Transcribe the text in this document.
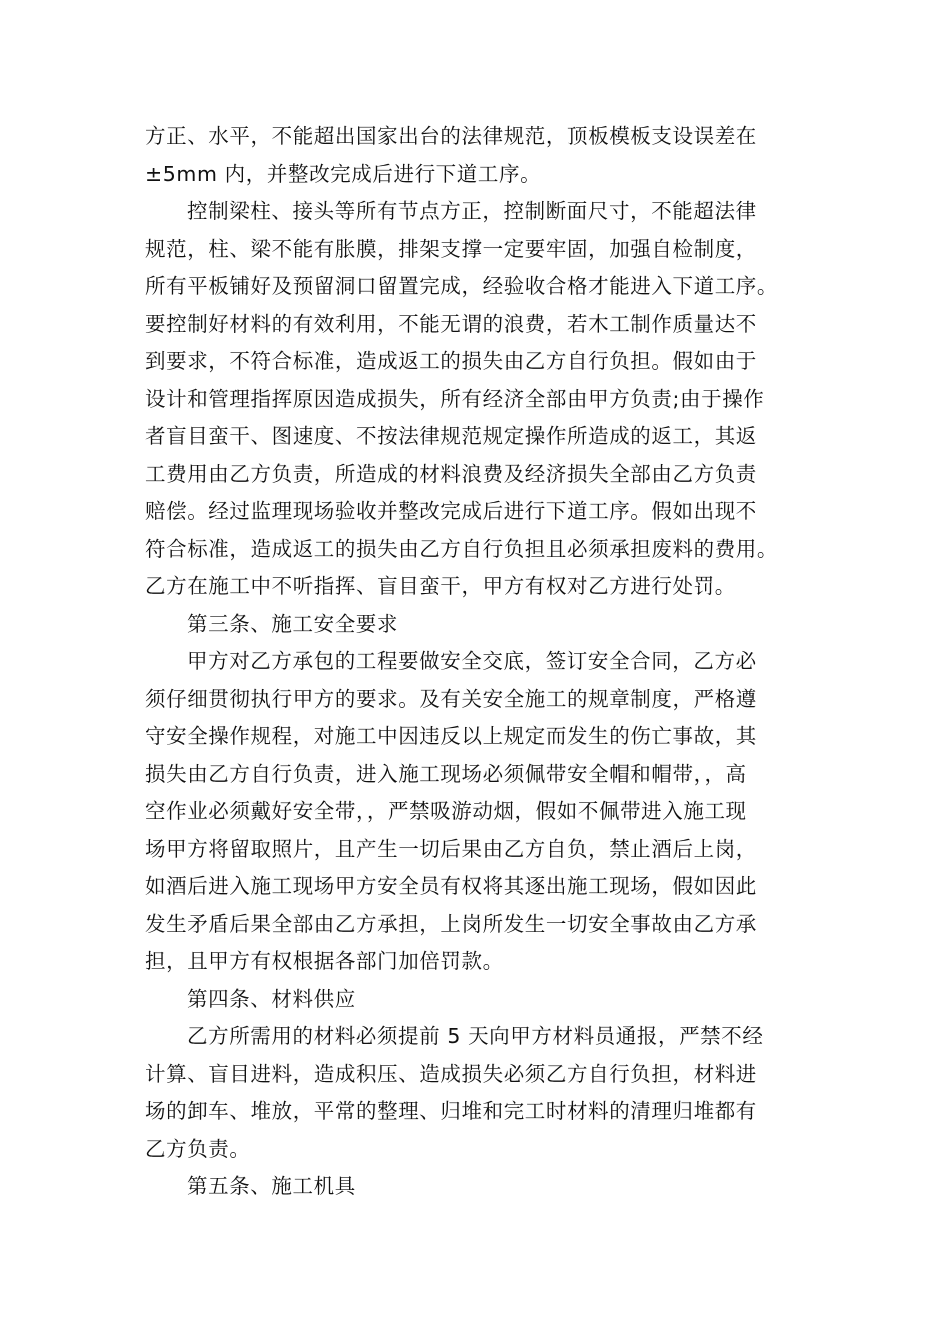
方正、水平，不能超出国家出台的法律规范，顶板模板支设误差在
±5mm 内，并整改完成后进行下道工序。
控制梁柱、接头等所有节点方正，控制断面尺寸，不能超法律
规范，柱、梁不能有胀膜，排架支撑一定要牢固，加强自检制度，
所有平板铺好及预留洞口留置完成，经验收合格才能进入下道工序。
要控制好材料的有效利用，不能无谓的浪费，若木工制作质量达不
到要求，不符合标准，造成返工的损失由乙方自行负担。假如由于
设计和管理指挥原因造成损失，所有经济全部由甲方负责;由于操作
者盲目蛮干、图速度、不按法律规范规定操作所造成的返工，其返
工费用由乙方负责，所造成的材料浪费及经济损失全部由乙方负责
赔偿。经过监理现场验收并整改完成后进行下道工序。假如出现不
符合标准，造成返工的损失由乙方自行负担且必须承担废料的费用。
乙方在施工中不听指挥、盲目蛮干，甲方有权对乙方进行处罚。
第三条、施工安全要求
甲方对乙方承包的工程要做安全交底，签订安全合同，乙方必
须仔细贯彻执行甲方的要求。及有关安全施工的规章制度，严格遵
守安全操作规程，对施工中因违反以上规定而发生的伤亡事故，其
损失由乙方自行负责，进入施工现场必须佩带安全帽和帽带，，高
空作业必须戴好安全带，，严禁吸游动烟，假如不佩带进入施工现
场甲方将留取照片，且产生一切后果由乙方自负，禁止酒后上岗，
如酒后进入施工现场甲方安全员有权将其逐出施工现场，假如因此
发生矛盾后果全部由乙方承担，上岗所发生一切安全事故由乙方承
担，且甲方有权根据各部门加倍罚款。
第四条、材料供应
乙方所需用的材料必须提前 5 天向甲方材料员通报，严禁不经
计算、盲目进料，造成积压、造成损失必须乙方自行负担，材料进
场的卸车、堆放，平常的整理、归堆和完工时材料的清理归堆都有
乙方负责。
第五条、施工机具
